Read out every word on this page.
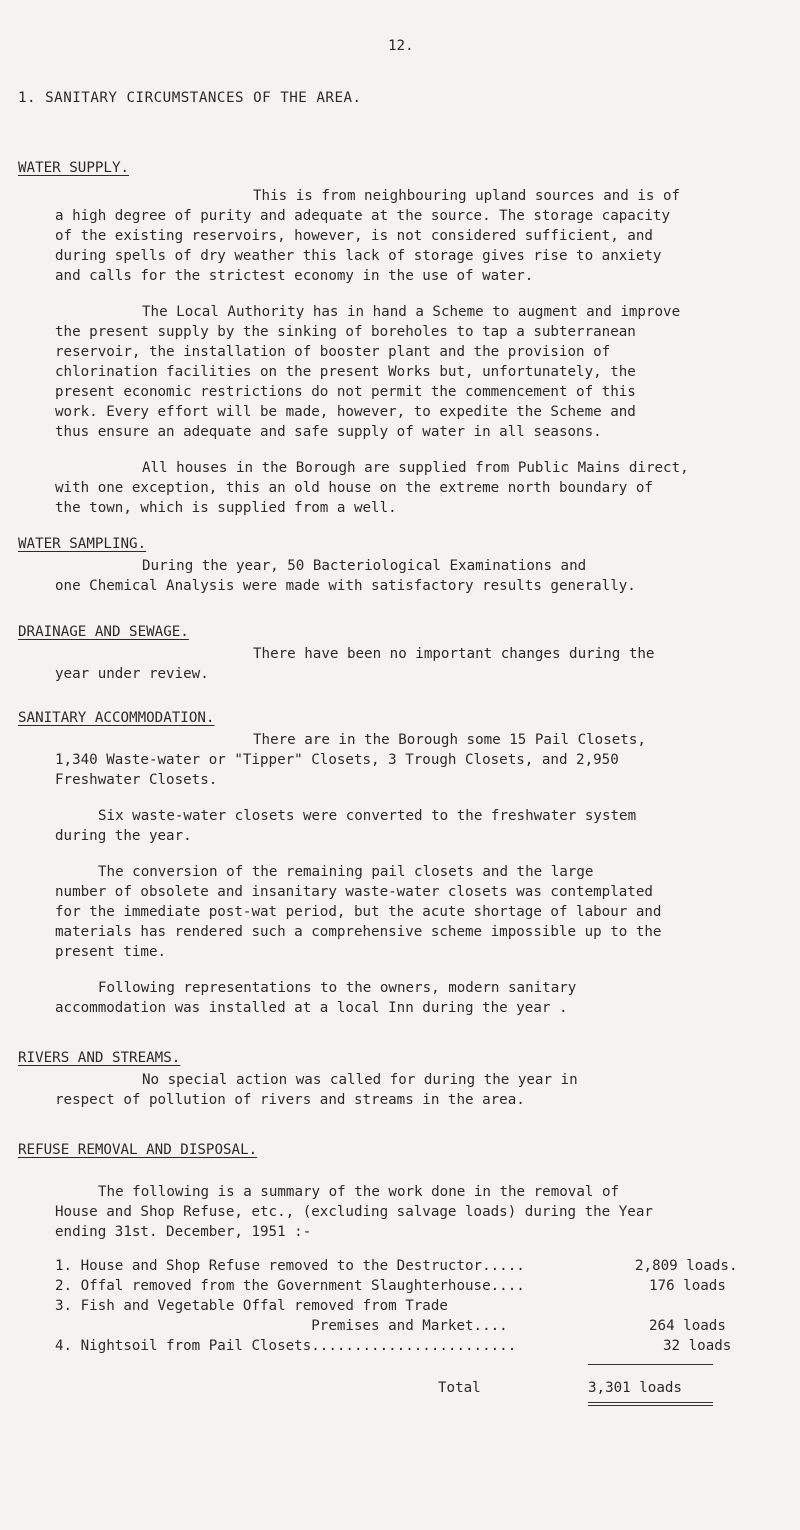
12.
1. SANITARY CIRCUMSTANCES OF THE AREA.
WATER SUPPLY.
This is from neighbouring upland sources and is of
a high degree of purity and adequate at the source. The storage capacity
of the existing reservoirs, however, is not considered sufficient, and
during spells of dry weather this lack of storage gives rise to anxiety
and calls for the strictest economy in the use of water.
The Local Authority has in hand a Scheme to augment and improve
the present supply by the sinking of boreholes to tap a subterranean
reservoir, the installation of booster plant and the provision of
chlorination facilities on the present Works but, unfortunately, the
present economic restrictions do not permit the commencement of this
work. Every effort will be made, however, to expedite the Scheme and
thus ensure an adequate and safe supply of water in all seasons.
All houses in the Borough are supplied from Public Mains direct,
with one exception, this an old house on the extreme north boundary of
the town, which is supplied from a well.
WATER SAMPLING.
During the year, 50 Bacteriological Examinations and
one Chemical Analysis were made with satisfactory results generally.
DRAINAGE AND SEWAGE.
There have been no important changes during the
year under review.
SANITARY ACCOMMODATION.
There are in the Borough some 15 Pail Closets,
1,340 Waste-water or "Tipper" Closets, 3 Trough Closets, and 2,950
Freshwater Closets.
Six waste-water closets were converted to the freshwater system
during the year.
The conversion of the remaining pail closets and the large
number of obsolete and insanitary waste-water closets was contemplated
for the immediate post-wat period, but the acute shortage of labour and
materials has rendered such a comprehensive scheme impossible up to the
present time.
Following representations to the owners, modern sanitary
accommodation was installed at a local Inn during the year .
RIVERS AND STREAMS.
No special action was called for during the year in
respect of pollution of rivers and streams in the area.
REFUSE REMOVAL AND DISPOSAL.
The following is a summary of the work done in the removal of
House and Shop Refuse, etc., (excluding salvage loads) during the Year
ending 31st. December, 1951 :-
1. House and Shop Refuse removed to the Destructor.....	2,809 loads.
2. Offal removed from the Government Slaughterhouse....	176 loads
3. Fish and Vegetable Offal removed from Trade
Premises and Market....	264 loads
4. Nightsoil from Pail Closets........................	32 loads
Total	3,301 loads
